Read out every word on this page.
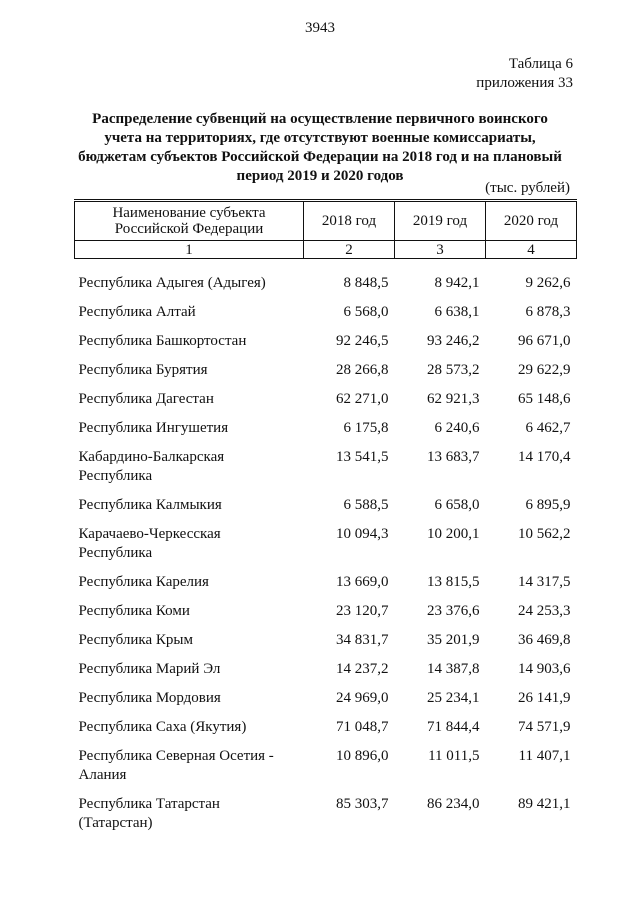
3943
Таблица 6
приложения 33
Распределение субвенций на осуществление первичного воинского
учета на территориях, где отсутствуют военные комиссариаты,
бюджетам субъектов Российской Федерации на 2018 год и на плановый
период 2019 и 2020 годов
(тыс. рублей)
Наименование субъекта
Российской Федерации	2018 год	2019 год	2020 год
1	2	3	4

Республика Адыгея (Адыгея)	8 848,5	8 942,1	9 262,6

Республика Алтай	6 568,0	6 638,1	6 878,3

Республика Башкортостан	92 246,5	93 246,2	96 671,0

Республика Бурятия	28 266,8	28 573,2	29 622,9

Республика Дагестан	62 271,0	62 921,3	65 148,6

Республика Ингушетия	6 175,8	6 240,6	6 462,7

Кабардино-Балкарская
Республика	13 541,5	13 683,7	14 170,4

Республика Калмыкия	6 588,5	6 658,0	6 895,9

Карачаево-Черкесская
Республика	10 094,3	10 200,1	10 562,2

Республика Карелия	13 669,0	13 815,5	14 317,5

Республика Коми	23 120,7	23 376,6	24 253,3

Республика Крым	34 831,7	35 201,9	36 469,8

Республика Марий Эл	14 237,2	14 387,8	14 903,6

Республика Мордовия	24 969,0	25 234,1	26 141,9

Республика Саха (Якутия)	71 048,7	71 844,4	74 571,9

Республика Северная Осетия -
Алания	10 896,0	11 011,5	11 407,1

Республика Татарстан
(Татарстан)	85 303,7	86 234,0	89 421,1
